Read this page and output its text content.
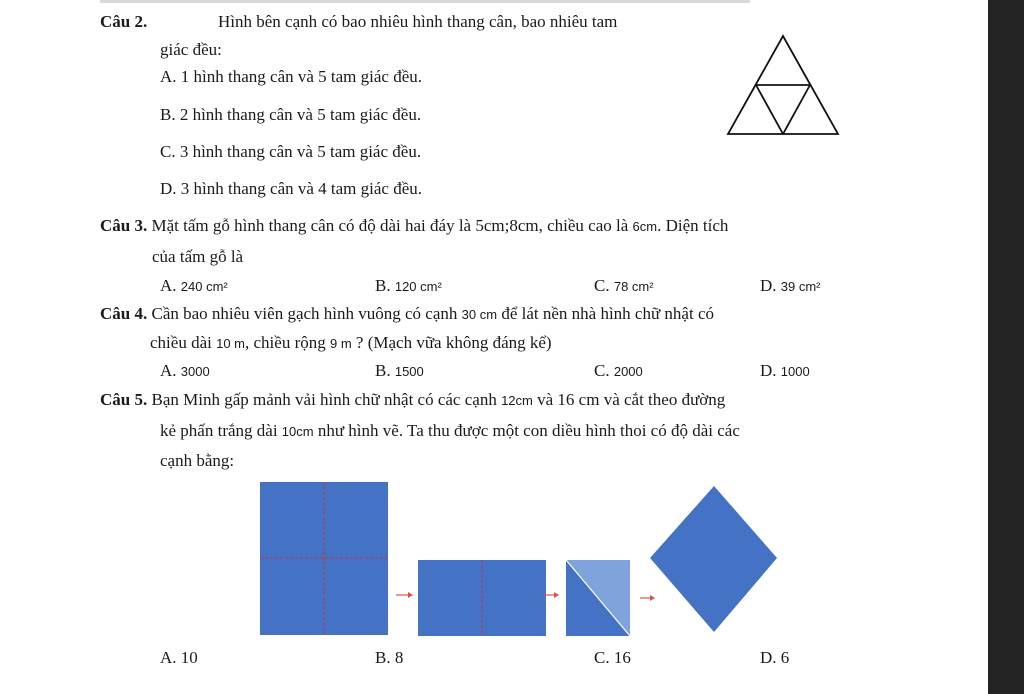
Câu 2.	Hình bên cạnh có bao nhiêu hình thang cân, bao nhiêu tam
giác đều:
A. 1 hình thang cân và 5 tam giác đều.
B. 2 hình thang cân và 5 tam giác đều.
C. 3 hình thang cân và 5 tam giác đều.
D. 3 hình thang cân và 4 tam giác đều.
Câu 3. Mặt tấm gỗ hình thang cân có độ dài hai đáy là 5cm;8cm, chiều cao là 6cm. Diện tích
của tấm gỗ là
A. 240 cm²	B. 120 cm²	C. 78 cm²	D. 39 cm²
Câu 4. Cần bao nhiêu viên gạch hình vuông có cạnh 30 cm để lát nền nhà hình chữ nhật có
chiều dài 10 m, chiều rộng 9 m ? (Mạch vữa không đáng kể)
A. 3000	B. 1500	C. 2000	D. 1000
Câu 5. Bạn Minh gấp mảnh vải hình chữ nhật có các cạnh 12cm và 16 cm và cắt theo đường
kẻ phấn trắng dài 10cm như hình vẽ. Ta thu được một con diều hình thoi có độ dài các
cạnh bằng:
A. 10	B. 8	C. 16	D. 6
